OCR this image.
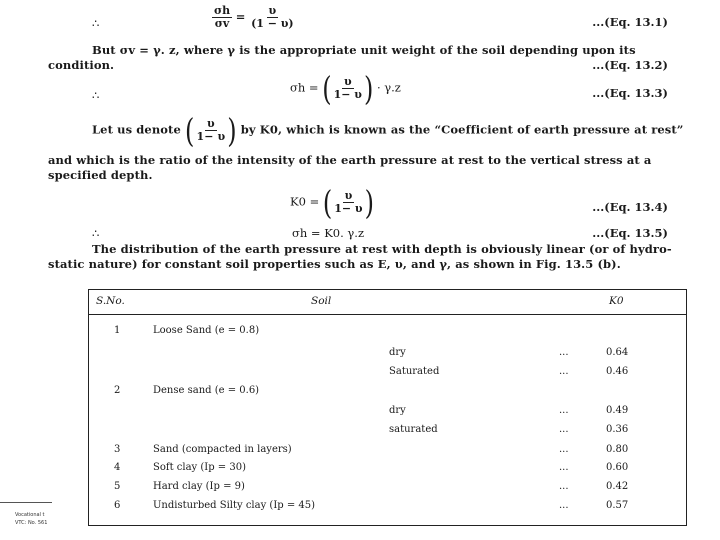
∴	$\frac{\sigma h}{\sigma v} = \frac{\upsilon}{(1 - \upsilon)}$	...(Eq. 13.1)
But σv = γ. z, where γ is the appropriate unit weight of the soil depending upon its
condition.	...(Eq. 13.2)
∴
σh = ( $\frac{\upsilon}{1- \upsilon}$ ) · γ.z	...(Eq. 13.3)
Let us denote ( $\frac{\upsilon}{1- \upsilon}$ ) by K0, which is known as the “Coefficient of earth pressure at rest”
and which is the ratio of the intensity of the earth pressure at rest to the vertical stress at a
specified depth.
K0 = ( $\frac{\upsilon}{1- \upsilon}$ )	...(Eq. 13.4)
∴	σh = K0. γ.z	...(Eq. 13.5)
The distribution of the earth pressure at rest with depth is obviously linear (or of hydro-
static nature) for constant soil properties such as E, υ, and γ, as shown in Fig. 13.5 (b).
S.No.	Soil	K0
1	Loose Sand (e = 0.8)
dry	...	0.64
Saturated	...	0.46
2	Dense sand (e = 0.6)
dry	...	0.49
saturated	...	0.36
3	Sand (compacted in layers)	...	0.80
4	Soft clay (Ip = 30)	...	0.60
5	Hard clay (Ip = 9)	...	0.42
6	Undisturbed Silty clay (Ip = 45)	...	0.57
Vocational t
VTC: No. 561
